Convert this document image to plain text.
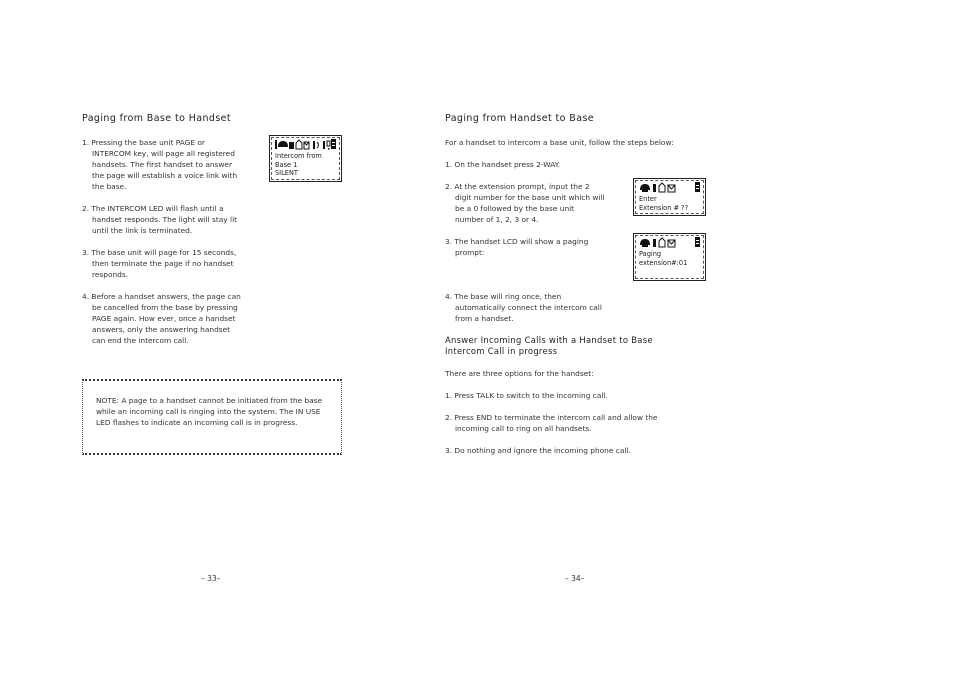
Paging from Base to Handset

1. Pressing the base unit PAGE or INTERCOM key, will page all registered handsets. The first handset to answer the page will establish a voice link with the base.

2. The INTERCOM LED will flash until a handset responds. The light will stay lit until the link is terminated.

3. The base unit will page for 15 seconds, then terminate the page if no handset responds.

4. Before a handset answers, the page can be cancelled from the base by pressing PAGE again. How ever, once a handset answers, only the answering handset can end the intercom call.

Intercom from
Base 1
SILENT
NOTE: A page to a handset cannot be initiated from the base while an incoming call is ringing into the system. The IN USE LED flashes to indicate an incoming call is in progress.
– 33–
Paging from Handset to Base
For a handset to intercom a base unit, follow the steps below:

1. On the handset press 2-WAY.

2. At the extension prompt, input the 2 digit number for the base unit which will be a 0 followed by the base unit number of 1, 2, 3 or 4.

3. The handset LCD will show a paging prompt:

4. The base will ring once, then automatically connect the intercom call from a handset.

Enter
Extension # ??
Paging
extension#:01
Answer Incoming Calls with a Handset to Base
Intercom Call in progress
There are three options for the handset:

1. Press TALK to switch to the incoming call.

2. Press END to terminate the intercom call and allow the incoming call to ring on all handsets.

3. Do nothing and ignore the incoming phone call.

– 34–
